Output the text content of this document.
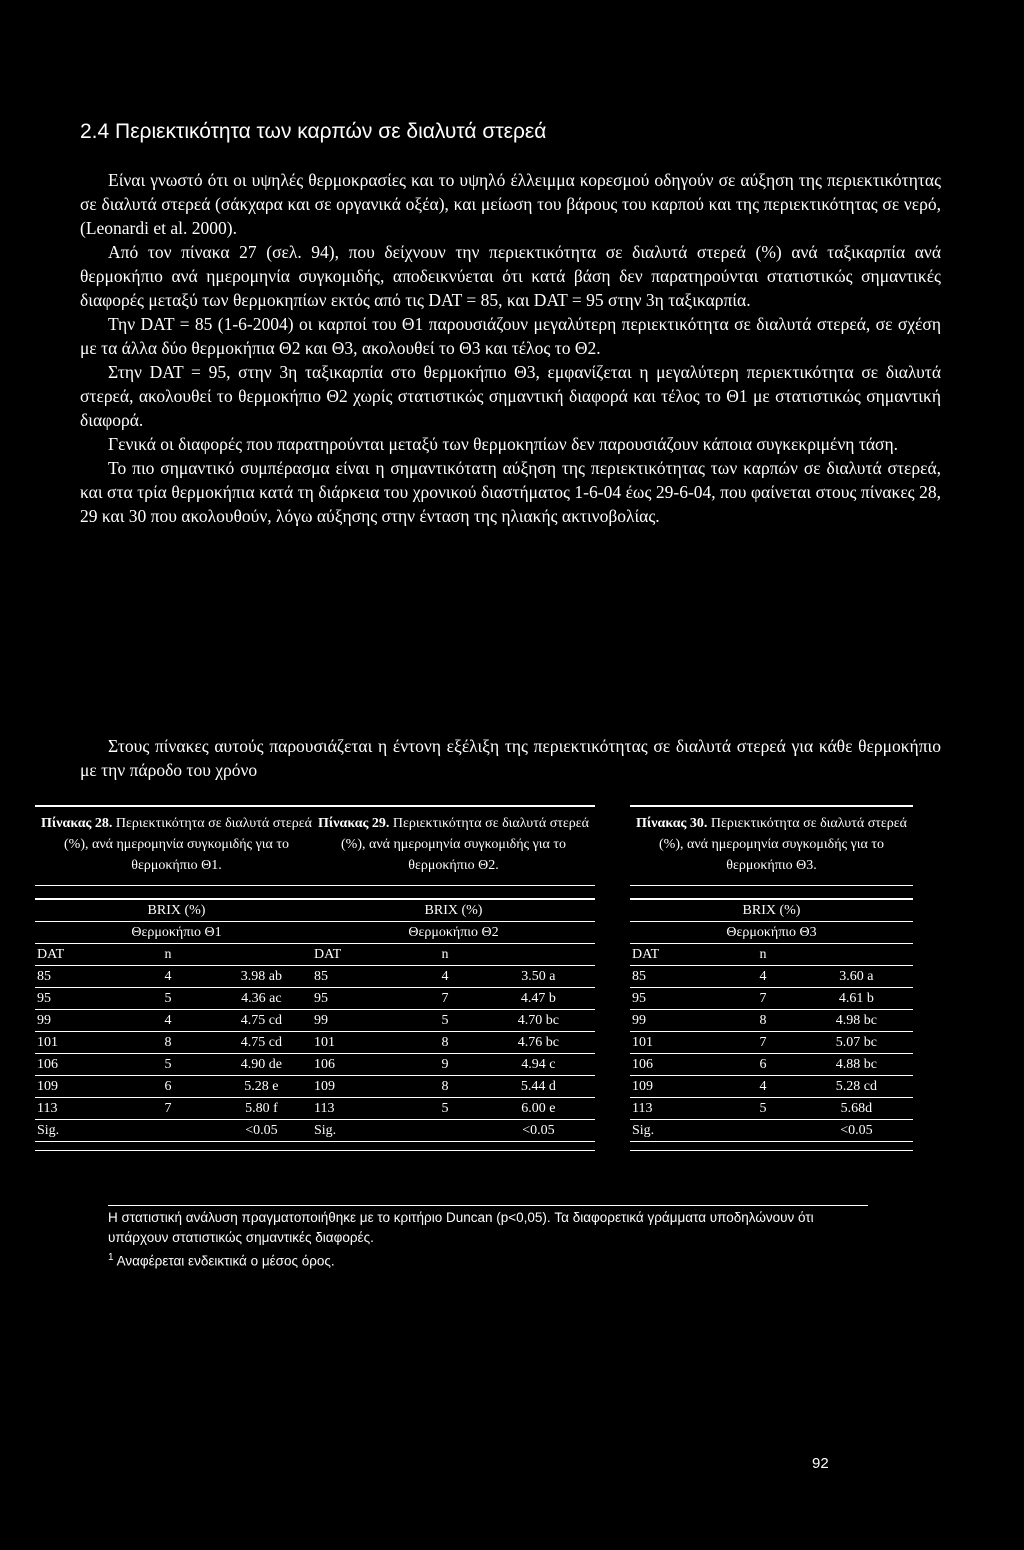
2.4 Περιεκτικότητα των καρπών σε διαλυτά στερεά

Είναι γνωστό ότι οι υψηλές θερμοκρασίες και το υψηλό έλλειμμα κορεσμού οδηγούν σε αύξηση της περιεκτικότητας σε διαλυτά στερεά (σάκχαρα και σε οργανικά οξέα), και μείωση του βάρους του καρπού και της περιεκτικότητας σε νερό, (Leonardi et al. 2000).

Από τον πίνακα 27 (σελ. 94), που δείχνουν την περιεκτικότητα σε διαλυτά στερεά (%) ανά ταξικαρπία ανά θερμοκήπιο ανά ημερομηνία συγκομιδής, αποδεικνύεται ότι κατά βάση δεν παρατηρούνται στατιστικώς σημαντικές διαφορές μεταξύ των θερμοκηπίων εκτός από τις DAT = 85, και DAT = 95 στην 3η ταξικαρπία.

Την DAT = 85 (1-6-2004) οι καρποί του Θ1 παρουσιάζουν μεγαλύτερη περιεκτικότητα σε διαλυτά στερεά, σε σχέση με τα άλλα δύο θερμοκήπια Θ2 και Θ3, ακολουθεί το Θ3 και τέλος το Θ2.

Στην DAT = 95, στην 3η ταξικαρπία στο θερμοκήπιο Θ3, εμφανίζεται η μεγαλύτερη περιεκτικότητα σε διαλυτά στερεά, ακολουθεί το θερμοκήπιο Θ2 χωρίς στατιστικώς σημαντική διαφορά και τέλος το Θ1 με στατιστικώς σημαντική διαφορά.

Γενικά οι διαφορές που παρατηρούνται μεταξύ των θερμοκηπίων δεν παρουσιάζουν κάποια συγκεκριμένη τάση.

Το πιο σημαντικό συμπέρασμα είναι η σημαντικότατη αύξηση της περιεκτικότητας των καρπών σε διαλυτά στερεά, και στα τρία θερμοκήπια κατά τη διάρκεια του χρονικού διαστήματος 1-6-04 έως 29-6-04, που φαίνεται στους πίνακες 28, 29 και 30 που ακολουθούν, λόγω αύξησης στην ένταση της ηλιακής ακτινοβολίας.

Στους πίνακες αυτούς παρουσιάζεται η έντονη εξέλιξη της περιεκτικότητας σε διαλυτά στερεά για κάθε θερμοκήπιο με την πάροδο του χρόνο

Πίνακας 28. Περιεκτικότητα σε διαλυτά στερεά (%), ανά ημερομηνία συγκομιδής για το θερμοκήπιο Θ1.
BRIX (%)		
Θερμοκήπιο Θ1		
DAT	n	
85	4	3.98 ab
95	5	4.36 ac
99	4	4.75 cd
101	8	4.75 cd
106	5	4.90 de
109	6	5.28 e
113	7	5.80 f
Sig.		<0.05
Πίνακας 29. Περιεκτικότητα σε διαλυτά στερεά (%), ανά ημερομηνία συγκομιδής για το θερμοκήπιο Θ2.
BRIX (%)		
Θερμοκήπιο Θ2		
DAT	n	
85	4	3.50 a
95	7	4.47 b
99	5	4.70 bc
101	8	4.76 bc
106	9	4.94 c
109	8	5.44 d
113	5	6.00 e
Sig.		<0.05
Πίνακας 30. Περιεκτικότητα σε διαλυτά στερεά (%), ανά ημερομηνία συγκομιδής για το θερμοκήπιο Θ3.
BRIX (%)		
Θερμοκήπιο Θ3		
DAT	n	
85	4	3.60 a
95	7	4.61 b
99	8	4.98 bc
101	7	5.07 bc
106	6	4.88 bc
109	4	5.28 cd
113	5	5.68d
Sig.		<0.05
Η στατιστική ανάλυση πραγματοποιήθηκε με το κριτήριο Duncan (p<0,05). Τα διαφορετικά γράμματα υποδηλώνουν ότι υπάρχουν στατιστικώς σημαντικές διαφορές.
$^1$ Αναφέρεται ενδεικτικά ο μέσος όρος.
92
